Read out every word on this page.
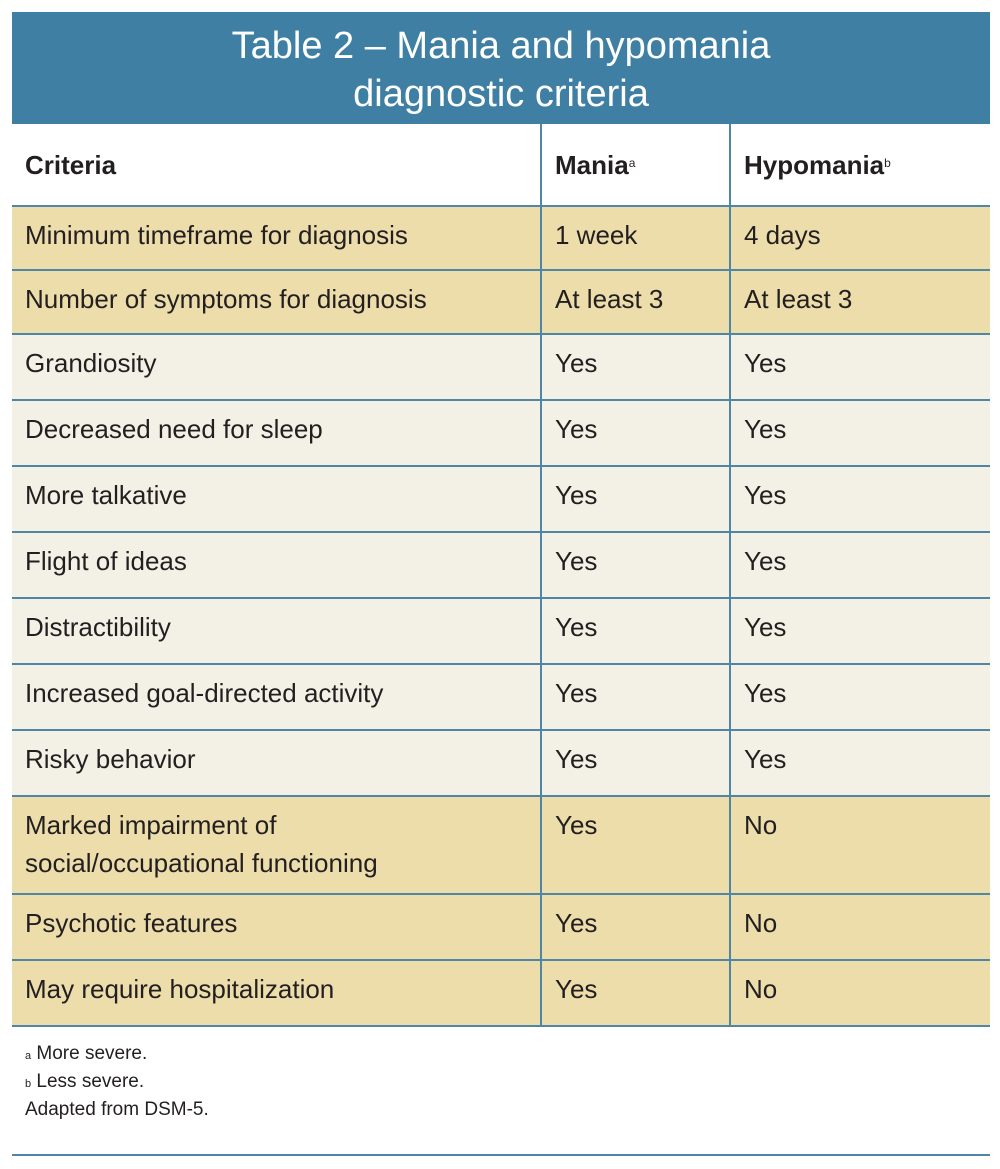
Table 2 – Mania and hypomania
diagnostic criteria
Criteria	Mania$^a$	Hypomania$^b$
Minimum timeframe for diagnosis	1 week	4 days
Number of symptoms for diagnosis	At least 3	At least 3
Grandiosity	Yes	Yes
Decreased need for sleep	Yes	Yes
More talkative	Yes	Yes
Flight of ideas	Yes	Yes
Distractibility	Yes	Yes
Increased goal-directed activity	Yes	Yes
Risky behavior	Yes	Yes
Marked impairment of
social/occupational functioning	Yes	No
Psychotic features	Yes	No
May require hospitalization	Yes	No
$^a$ More severe.
$^b$ Less severe.
Adapted from DSM-5.
